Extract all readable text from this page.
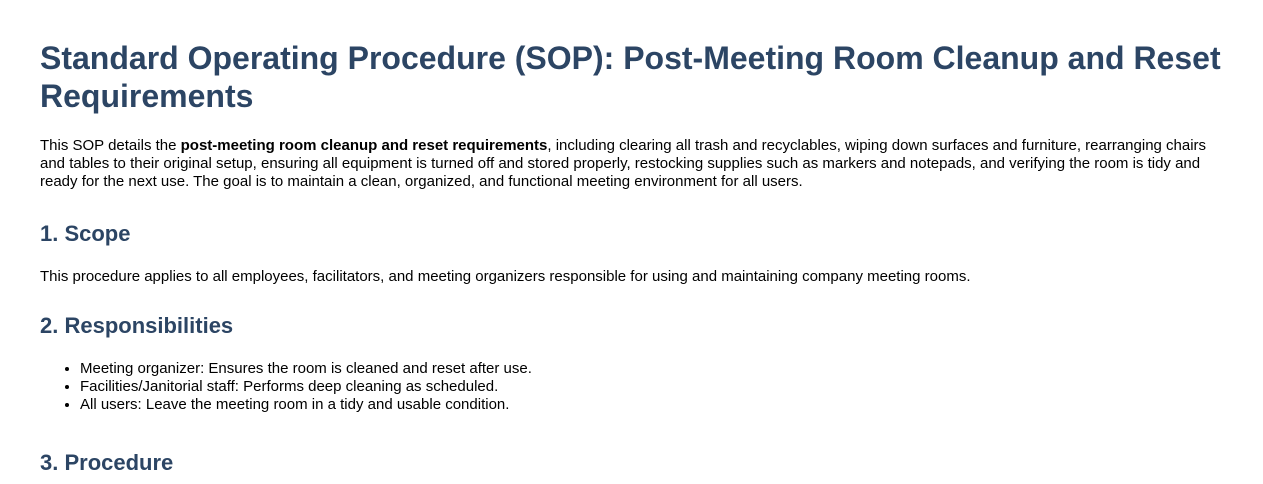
Standard Operating Procedure (SOP): Post-Meeting Room Cleanup and Reset Requirements

This SOP details the post-meeting room cleanup and reset requirements, including clearing all trash and recyclables, wiping down surfaces and furniture, rearranging chairs and tables to their original setup, ensuring all equipment is turned off and stored properly, restocking supplies such as markers and notepads, and verifying the room is tidy and ready for the next use. The goal is to maintain a clean, organized, and functional meeting environment for all users.

1. Scope

This procedure applies to all employees, facilitators, and meeting organizers responsible for using and maintaining company meeting rooms.

2. Responsibilities
• Meeting organizer: Ensures the room is cleaned and reset after use.
• Facilities/Janitorial staff: Performs deep cleaning as scheduled.
• All users: Leave the meeting room in a tidy and usable condition.
3. Procedure
